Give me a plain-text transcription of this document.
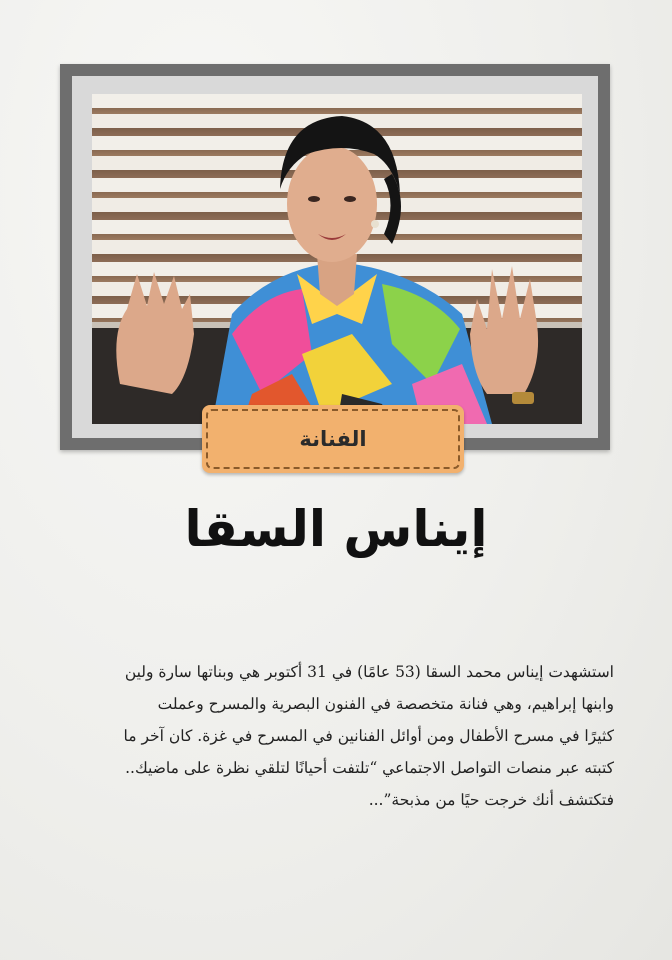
الفنانة
إيناس السقا

استشهدت إيناس محمد السقا (53 عامًا) في 31 أكتوبر هي وبناتها سارة ولين

وابنها إبراهيم، وهي فنانة متخصصة في الفنون البصرية والمسرح وعملت

كثيرًا في مسرح الأطفال ومن أوائل الفنانين في المسرح في غزة. كان آخر ما

كتبته عبر منصات التواصل الاجتماعي “تلتفت أحيانًا لتلقي نظرة على ماضيك..

فتكتشف أنك خرجت حيًا من مذبحة”...
